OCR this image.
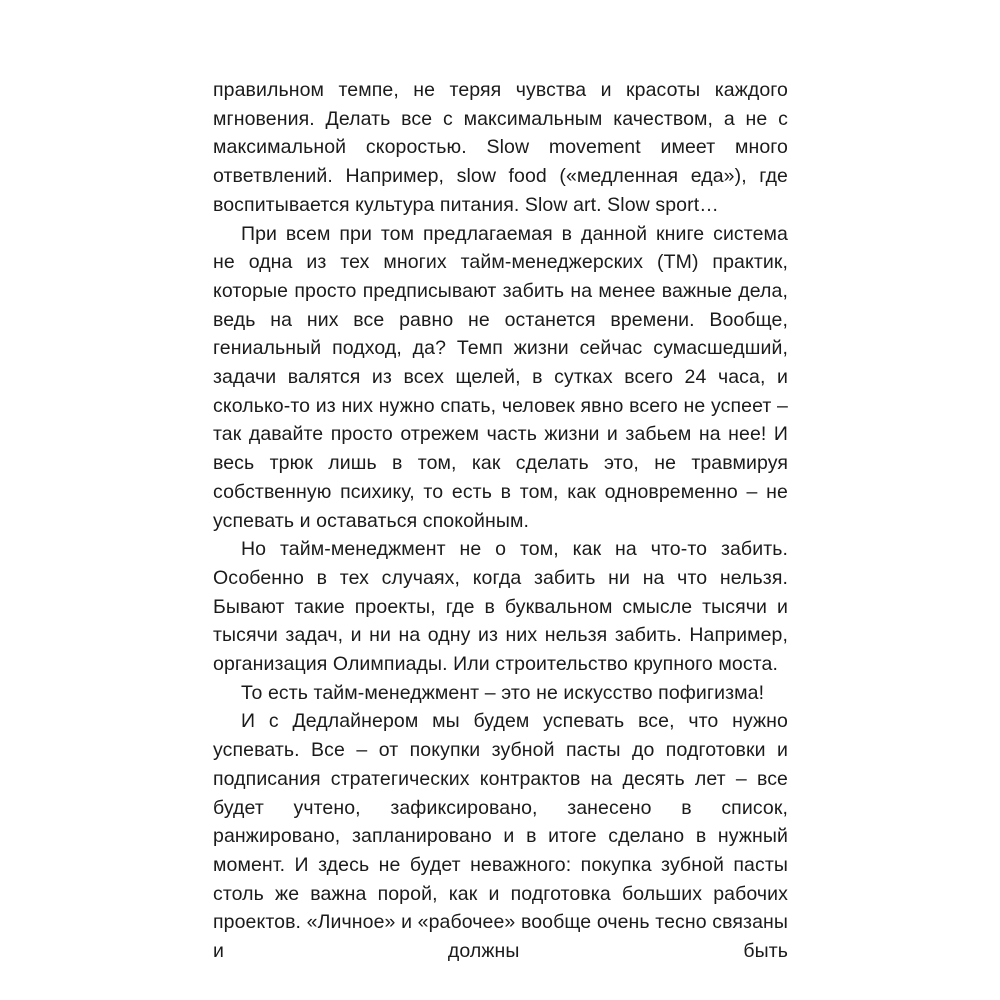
правильном темпе, не теряя чувства и красоты каждого мгновения. Делать все с максимальным качеством, а не с максимальной скоростью. Slow movement имеет много ответвлений. Например, slow food («медленная еда»), где воспитывается культура питания. Slow art. Slow sport…

При всем при том предлагаемая в данной книге система не одна из тех многих тайм-менеджерских (ТМ) практик, которые просто предписывают забить на менее важные дела, ведь на них все равно не останется времени. Вообще, гениальный подход, да? Темп жизни сейчас сумасшедший, задачи валятся из всех щелей, в сутках всего 24 часа, и сколько-то из них нужно спать, человек явно всего не успеет – так давайте просто отрежем часть жизни и забьем на нее! И весь трюк лишь в том, как сделать это, не травмируя собственную психику, то есть в том, как одновременно – не успевать и оставаться спокойным.

Но тайм-менеджмент не о том, как на что-то забить. Особенно в тех случаях, когда забить ни на что нельзя. Бывают такие проекты, где в буквальном смысле тысячи и тысячи задач, и ни на одну из них нельзя забить. Например, организация Олимпиады. Или строительство крупного моста.

То есть тайм-менеджмент – это не искусство пофигизма!

И с Дедлайнером мы будем успевать все, что нужно успевать. Все – от покупки зубной пасты до подготовки и подписания стратегических контрактов на десять лет – все будет учтено, зафиксировано, занесено в список, ранжировано, запланировано и в итоге сделано в нужный момент. И здесь не будет неважного: покупка зубной пасты столь же важна порой, как и подготовка больших рабочих проектов. «Личное» и «рабочее» вообще очень тесно связаны и должны быть
